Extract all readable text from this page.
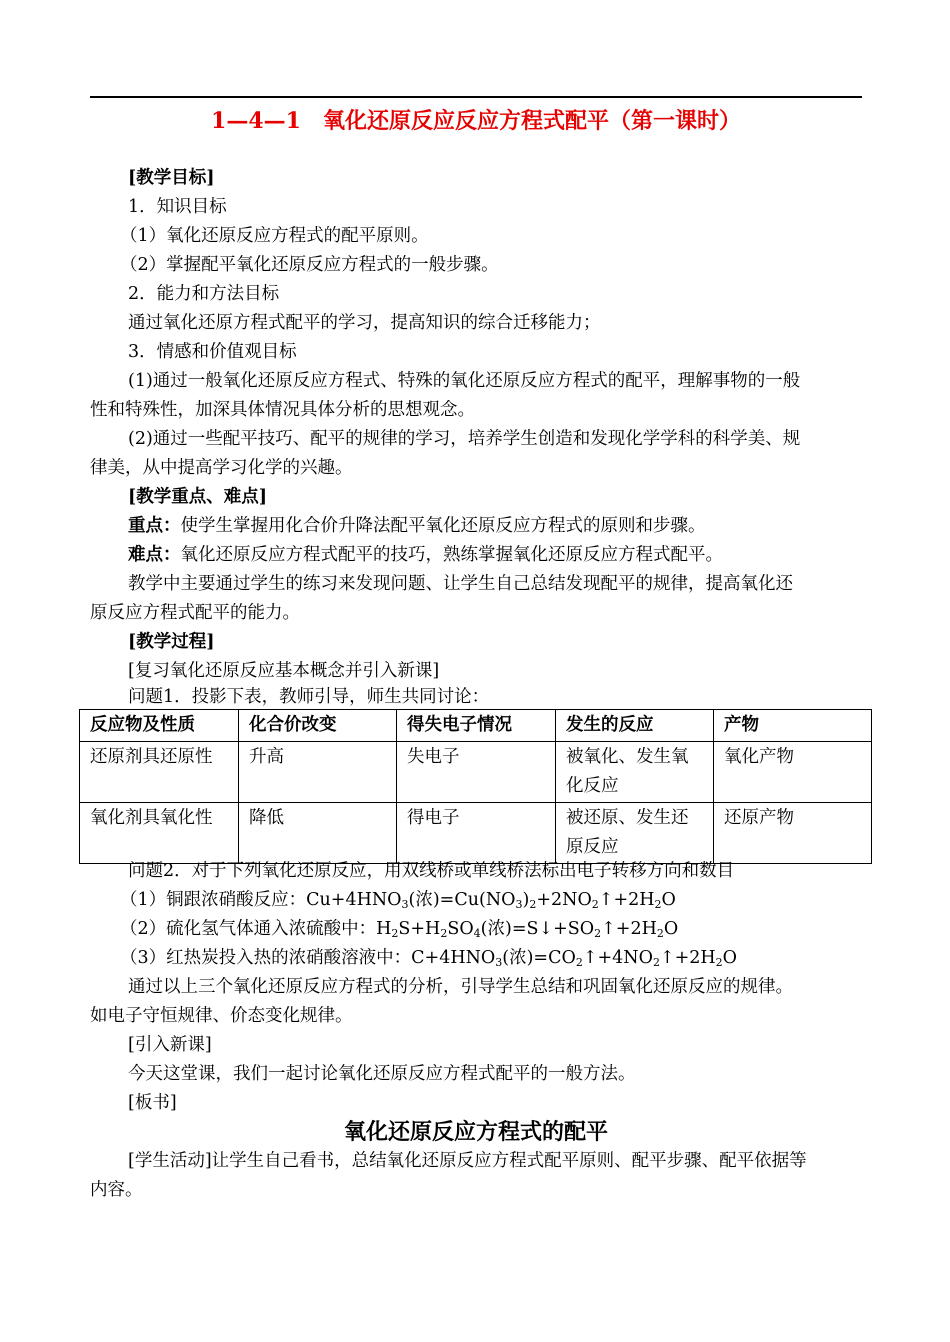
1—4—1　氧化还原反应反应方程式配平（第一课时）
[教学目标]
1．知识目标
（1）氧化还原反应方程式的配平原则。
（2）掌握配平氧化还原反应方程式的一般步骤。
2．能力和方法目标
通过氧化还原方程式配平的学习，提高知识的综合迁移能力；
3．情感和价值观目标
(1)通过一般氧化还原反应方程式、特殊的氧化还原反应方程式的配平，理解事物的一般
性和特殊性，加深具体情况具体分析的思想观念。
(2)通过一些配平技巧、配平的规律的学习，培养学生创造和发现化学学科的科学美、规
律美，从中提高学习化学的兴趣。
[教学重点、难点]
重点：使学生掌握用化合价升降法配平氧化还原反应方程式的原则和步骤。
难点：氧化还原反应方程式配平的技巧，熟练掌握氧化还原反应方程式配平。
教学中主要通过学生的练习来发现问题、让学生自己总结发现配平的规律，提高氧化还
原反应方程式配平的能力。
[教学过程]
[复习氧化还原反应基本概念并引入新课]
问题1．投影下表，教师引导，师生共同讨论：
反应物及性质	化合价改变	得失电子情况	发生的反应	产物
还原剂具还原性	升高	失电子	被氧化、发生氧化反应	氧化产物
氧化剂具氧化性	降低	得电子	被还原、发生还原反应	还原产物
问题2．对于下列氧化还原反应，用双线桥或单线桥法标出电子转移方向和数目
（1）铜跟浓硝酸反应：$Cu+4HNO_3$(浓)$=Cu(NO_3)_2+2NO_2↑+2H_2O$
（2）硫化氢气体通入浓硫酸中：$H_2S+H_2SO_4$(浓)$=S↓+SO_2↑+2H_2O$
（3）红热炭投入热的浓硝酸溶液中：$C+4HNO_3$(浓)$=CO_2↑+4NO_2↑+2H_2O$
通过以上三个氧化还原反应方程式的分析，引导学生总结和巩固氧化还原反应的规律。
如电子守恒规律、价态变化规律。
[引入新课]
今天这堂课，我们一起讨论氧化还原反应方程式配平的一般方法。
[板书]
氧化还原反应方程式的配平
[学生活动]让学生自己看书，总结氧化还原反应方程式配平原则、配平步骤、配平依据等
内容。
